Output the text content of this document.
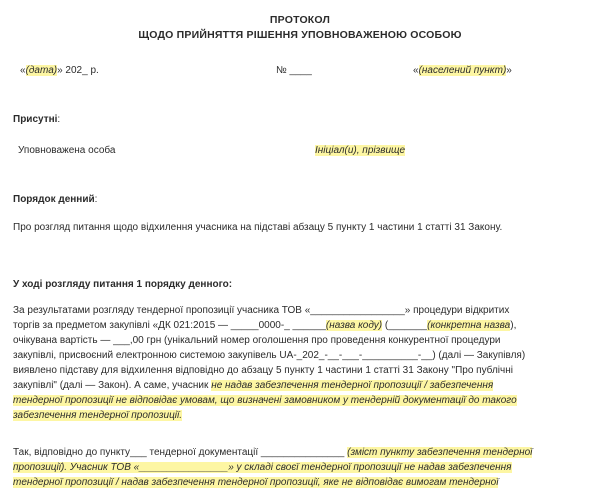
ПРОТОКОЛ
ЩОДО ПРИЙНЯТТЯ РІШЕННЯ УПОВНОВАЖЕНОЮ ОСОБОЮ
«(дата)» 202_ р.	№ ____	«(населений пункт)»
Присутні:
Уповноважена особа	Ініціал(и), прізвище
Порядок денний:
Про розгляд питання щодо відхилення учасника на підставі абзацу 5 пункту 1 частини 1 статті 31 Закону.
У ході розгляду питання 1 порядку денного:
За результатами розгляду тендерної пропозиції учасника ТОВ «_________________» процедури відкритих
торгів за предметом закупівлі «ДК 021:2015 — _____0000-_ ______(назва коду) (_______(конкретна назва),
очікувана вартість — ___,00 грн (унікальний номер оголошення про проведення конкурентної процедури
закупівлі, присвоєний електронною системою закупівель UA-_202_-__-___-__________-__) (далі — Закупівля)
виявлено підставу для відхилення відповідно до абзацу 5 пункту 1 частини 1 статті 31 Закону "Про публічні
закупівлі" (далі — Закон). А саме, учасник не надав забезпечення тендерної пропозиції / забезпечення
тендерної пропозиції не відповідає умовам, що визначені замовником у тендерній документації до такого
забезпечення тендерної пропозиції.
Так, відповідно до пункту___ тендерної документації _______________ (зміст пункту забезпечення тендерної
пропозиції). Учасник ТОВ «________________» у складі своєї тендерної пропозиції не надав забезпечення
тендерної пропозиції / надав забезпечення тендерної пропозиції, яке не відповідає вимогам тендерної
